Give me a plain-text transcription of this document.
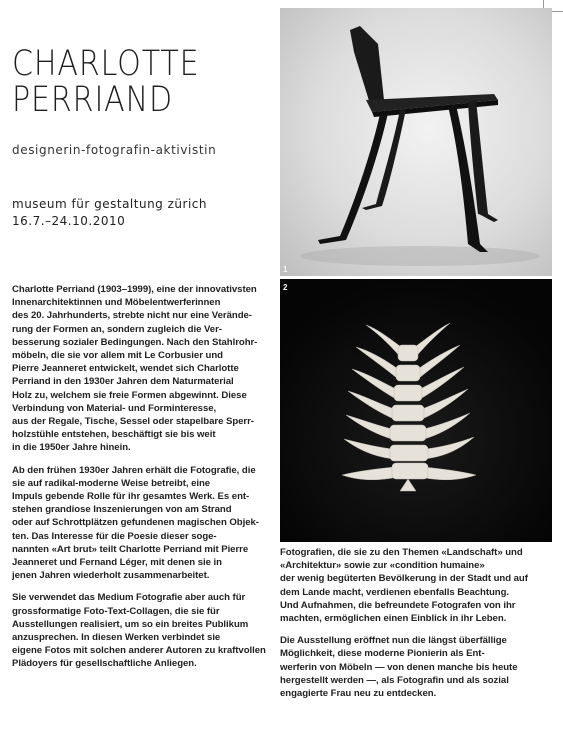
CHARLOTTE
PERRIAND

designerin-fotografin-aktivistin

museum für gestaltung zürich
16.7.–24.10.2010
1
2

Charlotte Perriand (1903–1999), eine der innovativsten
Innenarchitektinnen und Möbelentwerferinnen
des 20. Jahrhunderts, strebte nicht nur eine Verände-
rung der Formen an, sondern zugleich die Ver-
besserung sozialer Bedingungen. Nach den Stahlrohr-
möbeln, die sie vor allem mit Le Corbusier und
Pierre Jeanneret entwickelt, wendet sich Charlotte
Perriand in den 1930er Jahren dem Naturmaterial
Holz zu, welchem sie freie Formen abgewinnt. Diese
Verbindung von Material- und Forminteresse,
aus der Regale, Tische, Sessel oder stapelbare Sperr-
holzstühle entstehen, beschäftigt sie bis weit
in die 1950er Jahre hinein.

Ab den frühen 1930er Jahren erhält die Fotografie, die
sie auf radikal-moderne Weise betreibt, eine
Impuls gebende Rolle für ihr gesamtes Werk. Es ent-
stehen grandiose Inszenierungen von am Strand
oder auf Schrottplätzen gefundenen magischen Objek-
ten. Das Interesse für die Poesie dieser soge-
nannten «Art brut» teilt Charlotte Perriand mit Pierre
Jeanneret und Fernand Léger, mit denen sie in
jenen Jahren wiederholt zusammenarbeitet.

Sie verwendet das Medium Fotografie aber auch für
grossformatige Foto-Text-Collagen, die sie für
Ausstellungen realisiert, um so ein breites Publikum
anzusprechen. In diesen Werken verbindet sie
eigene Fotos mit solchen anderer Autoren zu kraftvollen
Plädoyers für gesellschaftliche Anliegen.

Fotografien, die sie zu den Themen «Landschaft» und
«Architektur» sowie zur «condition humaine»
der wenig begüterten Bevölkerung in der Stadt und auf
dem Lande macht, verdienen ebenfalls Beachtung.
Und Aufnahmen, die befreundete Fotografen von ihr
machten, ermöglichen einen Einblick in ihr Leben.

Die Ausstellung eröffnet nun die längst überfällige
Möglichkeit, diese moderne Pionierin als Ent-
werferin von Möbeln — von denen manche bis heute
hergestellt werden —, als Fotografin und als sozial
engagierte Frau neu zu entdecken.
